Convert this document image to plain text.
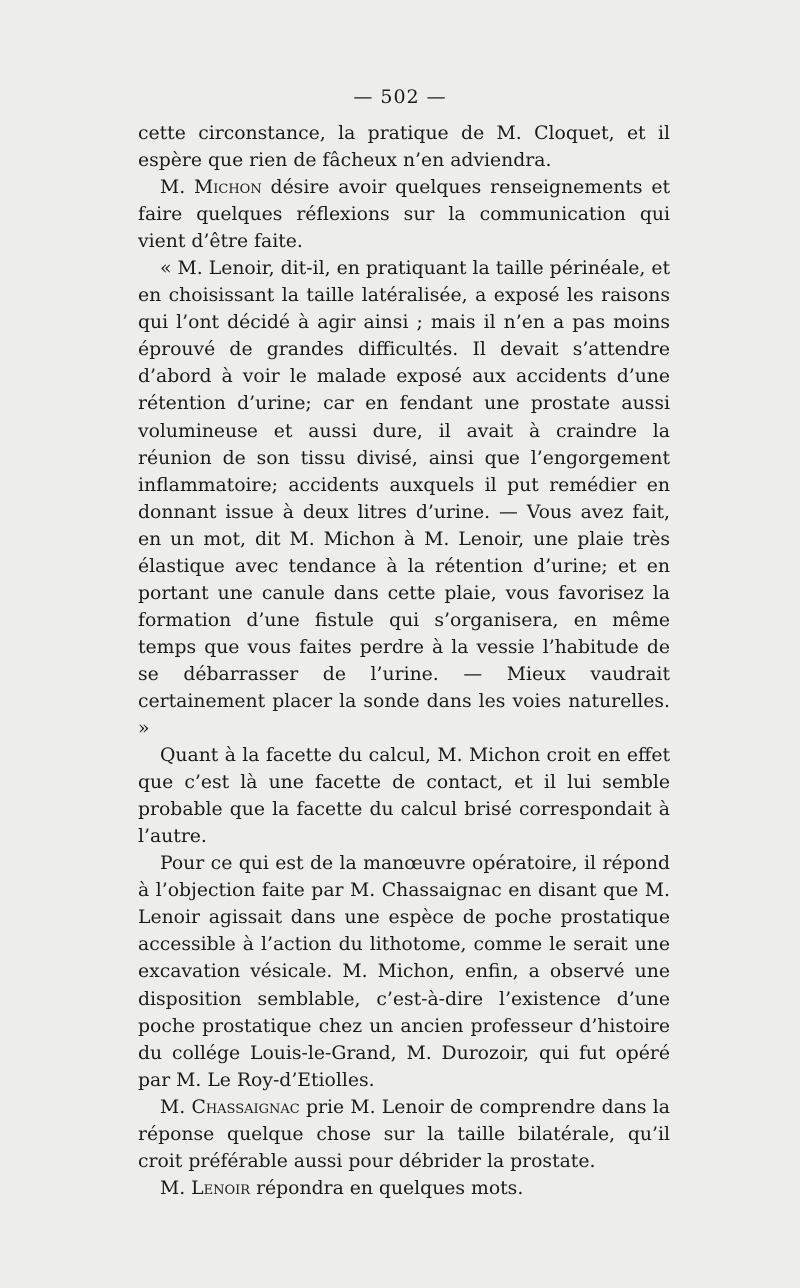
— 502 —

cette circonstance, la pratique de M. Cloquet, et il espère que rien de fâcheux n’en adviendra.

M. Michon désire avoir quelques renseignements et faire quelques réflexions sur la communication qui vient d’être faite.

« M. Lenoir, dit-il, en pratiquant la taille périnéale, et en choisissant la taille latéralisée, a exposé les raisons qui l’ont décidé à agir ainsi ; mais il n’en a pas moins éprouvé de grandes difficultés. Il devait s’attendre d’abord à voir le malade exposé aux accidents d’une rétention d’urine; car en fendant une prostate aussi volumineuse et aussi dure, il avait à craindre la réunion de son tissu divisé, ainsi que l’engorgement inflammatoire; accidents auxquels il put remédier en donnant issue à deux litres d’urine. — Vous avez fait, en un mot, dit M. Michon à M. Lenoir, une plaie très élastique avec tendance à la rétention d’urine; et en portant une canule dans cette plaie, vous favorisez la formation d’une fistule qui s’organisera, en même temps que vous faites perdre à la vessie l’habitude de se débarrasser de l’urine. — Mieux vaudrait certainement placer la sonde dans les voies naturelles. »

Quant à la facette du calcul, M. Michon croit en effet que c’est là une facette de contact, et il lui semble probable que la facette du calcul brisé correspondait à l’autre.

Pour ce qui est de la manœuvre opératoire, il répond à l’objection faite par M. Chassaignac en disant que M. Lenoir agissait dans une espèce de poche prostatique accessible à l’action du lithotome, comme le serait une excavation vésicale. M. Michon, enfin, a observé une disposition semblable, c’est-à-dire l’existence d’une poche prostatique chez un ancien professeur d’histoire du collége Louis-le-Grand, M. Durozoir, qui fut opéré par M. Le Roy-d’Etiolles.

M. Chassaignac prie M. Lenoir de comprendre dans la réponse quelque chose sur la taille bilatérale, qu’il croit préférable aussi pour débrider la prostate.

M. Lenoir répondra en quelques mots.
